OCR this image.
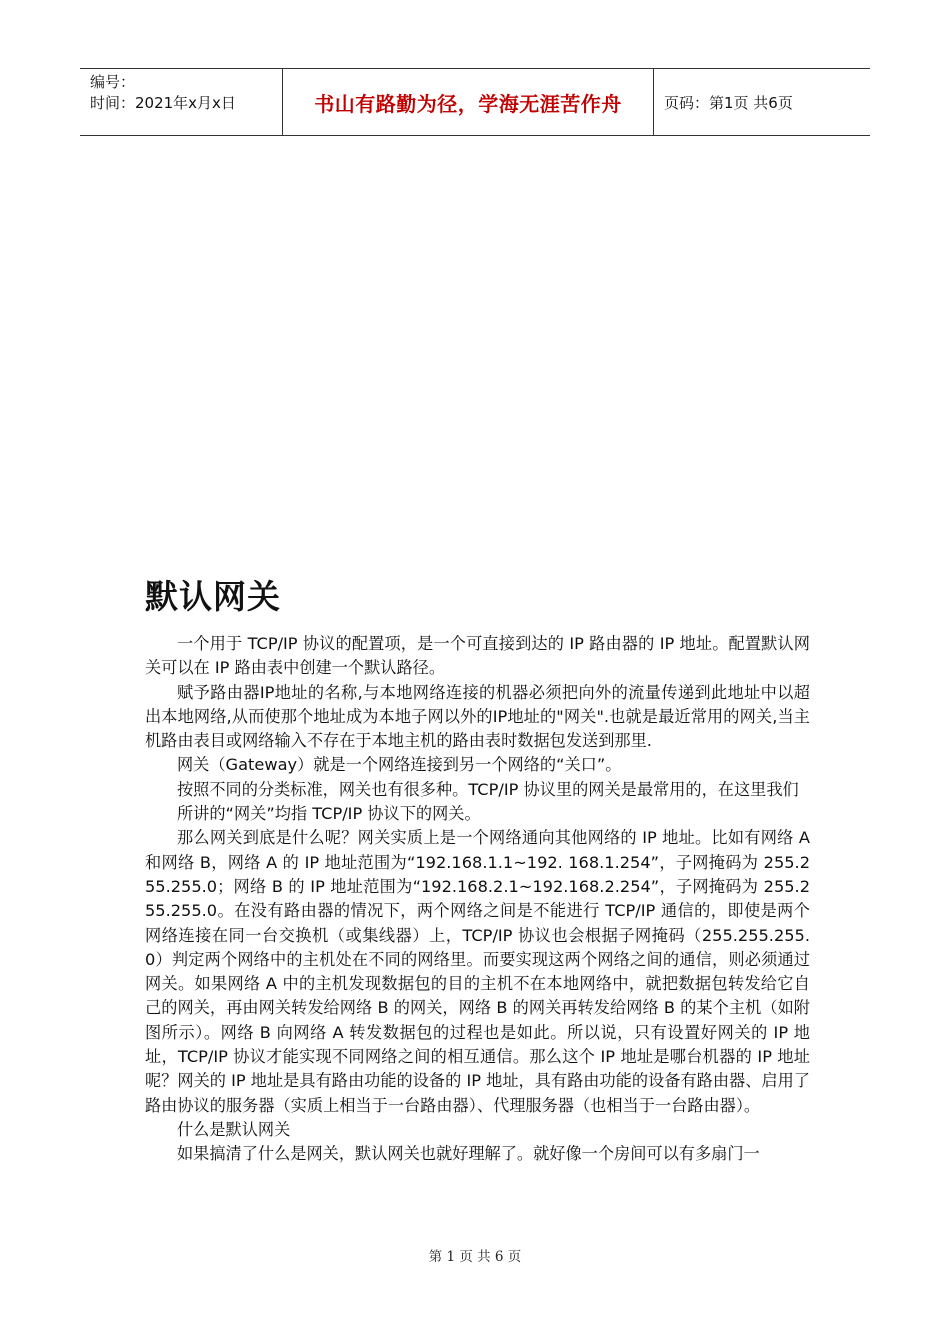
编号：
时间：2021年x月x日	书山有路勤为径，学海无涯苦作舟	页码：第1页 共6页
默认网关

一个用于 TCP/IP 协议的配置项，是一个可直接到达的 IP 路由器的 IP 地址。配置默认网关可以在 IP 路由表中创建一个默认路径。

赋予路由器IP地址的名称,与本地网络连接的机器必须把向外的流量传递到此地址中以超出本地网络,从而使那个地址成为本地子网以外的IP地址的"网关".也就是最近常用的网关,当主机路由表目或网络输入不存在于本地主机的路由表时数据包发送到那里.

网关（Gateway）就是一个网络连接到另一个网络的“关口”。

按照不同的分类标准，网关也有很多种。TCP/IP 协议里的网关是最常用的，在这里我们

所讲的“网关”均指 TCP/IP 协议下的网关。

那么网关到底是什么呢？网关实质上是一个网络通向其他网络的 IP 地址。比如有网络 A 和网络 B，网络 A 的 IP 地址范围为“192.168.1.1~192. 168.1.254”，子网掩码为 255.255.255.0；网络 B 的 IP 地址范围为“192.168.2.1~192.168.2.254”，子网掩码为 255.255.255.0。在没有路由器的情况下，两个网络之间是不能进行 TCP/IP 通信的，即使是两个网络连接在同一台交换机（或集线器）上，TCP/IP 协议也会根据子网掩码（255.255.255.0）判定两个网络中的主机处在不同的网络里。而要实现这两个网络之间的通信，则必须通过网关。如果网络 A 中的主机发现数据包的目的主机不在本地网络中，就把数据包转发给它自己的网关，再由网关转发给网络 B 的网关，网络 B 的网关再转发给网络 B 的某个主机（如附图所示）。网络 B 向网络 A 转发数据包的过程也是如此。所以说，只有设置好网关的 IP 地址，TCP/IP 协议才能实现不同网络之间的相互通信。那么这个 IP 地址是哪台机器的 IP 地址呢？网关的 IP 地址是具有路由功能的设备的 IP 地址，具有路由功能的设备有路由器、启用了路由协议的服务器（实质上相当于一台路由器）、代理服务器（也相当于一台路由器）。

什么是默认网关

如果搞清了什么是网关，默认网关也就好理解了。就好像一个房间可以有多扇门一

第 1 页 共 6 页
